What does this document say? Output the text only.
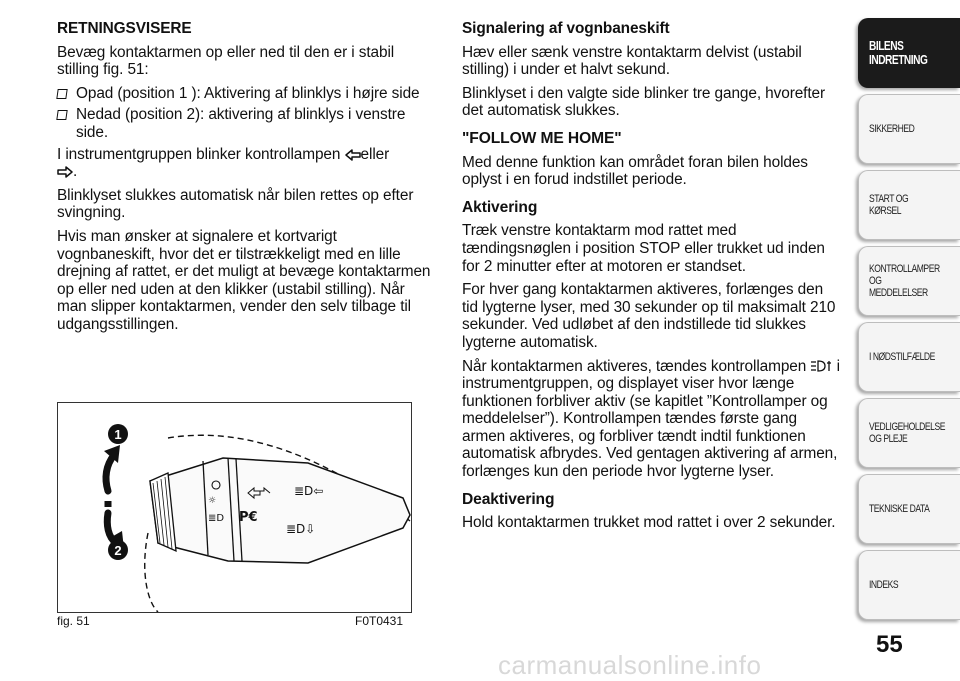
RETNINGSVISERE

Bevæg kontaktarmen op eller ned til den er i stabil stilling fig. 51:

Opad (position 1 ): Aktivering af blinklys i højre side
Nedad (position 2): aktivering af blinklys i venstre side.

I instrumentgruppen blinker kontrollampen eller
.

Blinklyset slukkes automatisk når bilen rettes op efter svingning.

Hvis man ønsker at signalere et kortvarigt vognbaneskift, hvor det er tilstrækkeligt med en lille drejning af rattet, er det muligt at bevæge kontaktarmen op eller ned uden at den klikker (ustabil stilling). Når man slipper kontaktarmen, vender den selv tilbage til udgangsstillingen.

☼
≣D P€
≣D⇦
≣D⇩
1
2
fig. 51	F0T0431
Signalering af vognbaneskift

Hæv eller sænk venstre kontaktarm delvist (ustabil stilling) i under et halvt sekund.

Blinklyset i den valgte side blinker tre gange, hvorefter det automatisk slukkes.

"FOLLOW ME HOME"

Med denne funktion kan området foran bilen holdes oplyst i en forud indstillet periode.

Aktivering

Træk venstre kontaktarm mod rattet med tændingsnøglen i position STOP eller trukket ud inden for 2 minutter efter at motoren er standset.

For hver gang kontaktarmen aktiveres, forlænges den tid lygterne lyser, med 30 sekunder op til maksimalt 210 sekunder. Ved udløbet af den indstillede tid slukkes lygterne automatisk.

Når kontaktarmen aktiveres, tændes kontrollampen i instrumentgruppen, og displayet viser hvor længe funktionen forbliver aktiv (se kapitlet ”Kontrollamper og meddelelser”). Kontrollampen tændes første gang armen aktiveres, og forbliver tændt indtil funktionen automatisk afbrydes. Ved gentagen aktivering af armen, forlænges kun den periode hvor lygterne lyser.

Deaktivering

Hold kontaktarmen trukket mod rattet i over 2 sekunder.

BILENS
INDRETNING
SIKKERHED
START OG KØRSEL
KONTROLLAMPER
OG MEDDELELSER
I NØDSTILFÆLDE
VEDLIGEHOLDELSE
OG PLEJE
TEKNISKE DATA
INDEKS
55
carmanualsonline.info
